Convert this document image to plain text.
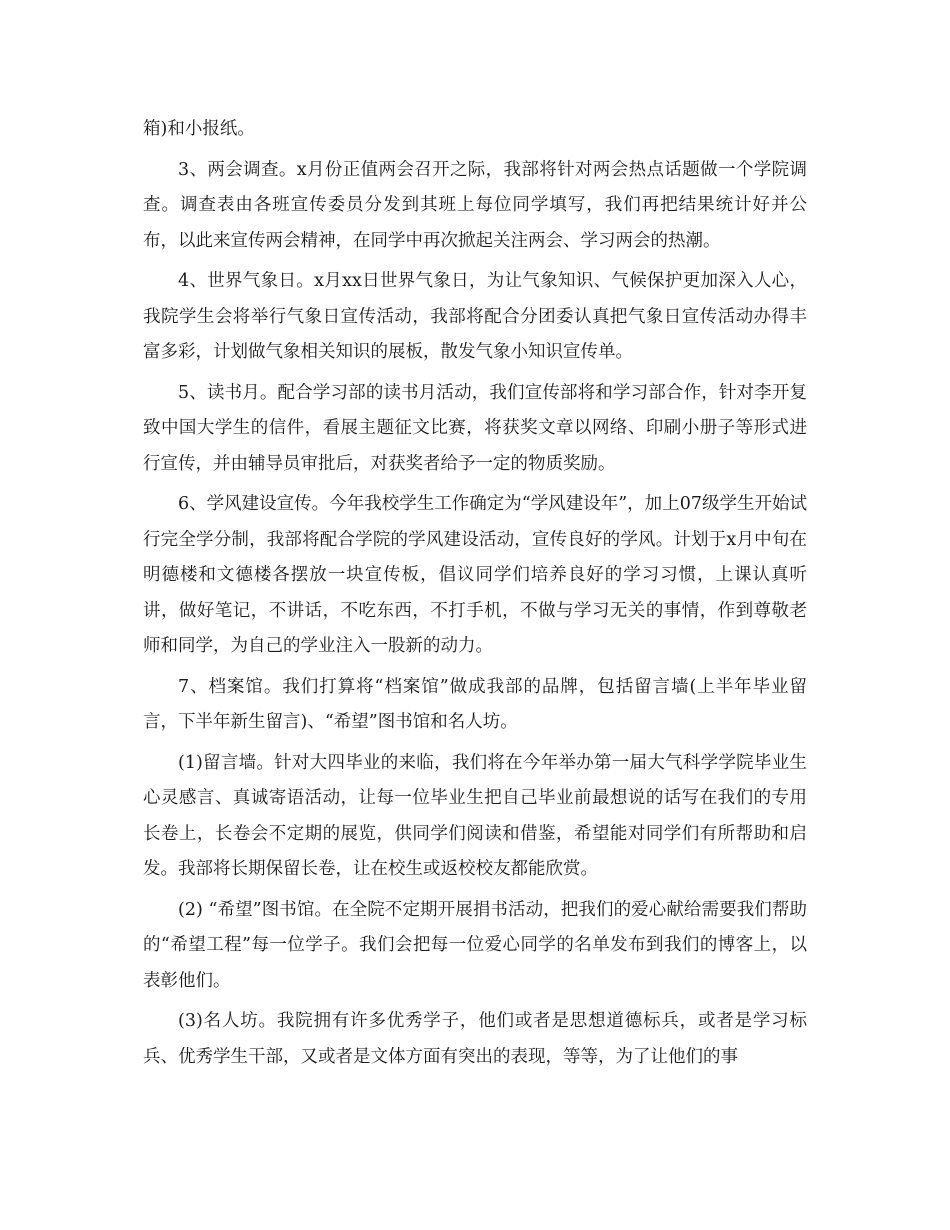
箱)和小报纸。

3、两会调查。x月份正值两会召开之际，我部将针对两会热点话题做一个学院调查。调查表由各班宣传委员分发到其班上每位同学填写，我们再把结果统计好并公布，以此来宣传两会精神，在同学中再次掀起关注两会、学习两会的热潮。

4、世界气象日。x月xx日世界气象日，为让气象知识、气候保护更加深入人心，我院学生会将举行气象日宣传活动，我部将配合分团委认真把气象日宣传活动办得丰富多彩，计划做气象相关知识的展板，散发气象小知识宣传单。

5、读书月。配合学习部的读书月活动，我们宣传部将和学习部合作，针对李开复致中国大学生的信件，看展主题征文比赛，将获奖文章以网络、印刷小册子等形式进行宣传，并由辅导员审批后，对获奖者给予一定的物质奖励。

6、学风建设宣传。今年我校学生工作确定为“学风建设年”，加上07级学生开始试行完全学分制，我部将配合学院的学风建设活动，宣传良好的学风。计划于x月中旬在明德楼和文德楼各摆放一块宣传板，倡议同学们培养良好的学习习惯，上课认真听讲，做好笔记，不讲话，不吃东西，不打手机，不做与学习无关的事情，作到尊敬老师和同学，为自己的学业注入一股新的动力。

7、档案馆。我们打算将“档案馆”做成我部的品牌，包括留言墙(上半年毕业留言，下半年新生留言)、“希望”图书馆和名人坊。

(1)留言墙。针对大四毕业的来临，我们将在今年举办第一届大气科学学院毕业生心灵感言、真诚寄语活动，让每一位毕业生把自己毕业前最想说的话写在我们的专用长卷上，长卷会不定期的展览，供同学们阅读和借鉴，希望能对同学们有所帮助和启发。我部将长期保留长卷，让在校生或返校校友都能欣赏。

(2) “希望”图书馆。在全院不定期开展捐书活动，把我们的爱心献给需要我们帮助的“希望工程”每一位学子。我们会把每一位爱心同学的名单发布到我们的博客上，以表彰他们。

(3)名人坊。我院拥有许多优秀学子，他们或者是思想道德标兵，或者是学习标兵、优秀学生干部，又或者是文体方面有突出的表现，等等，为了让他们的事
